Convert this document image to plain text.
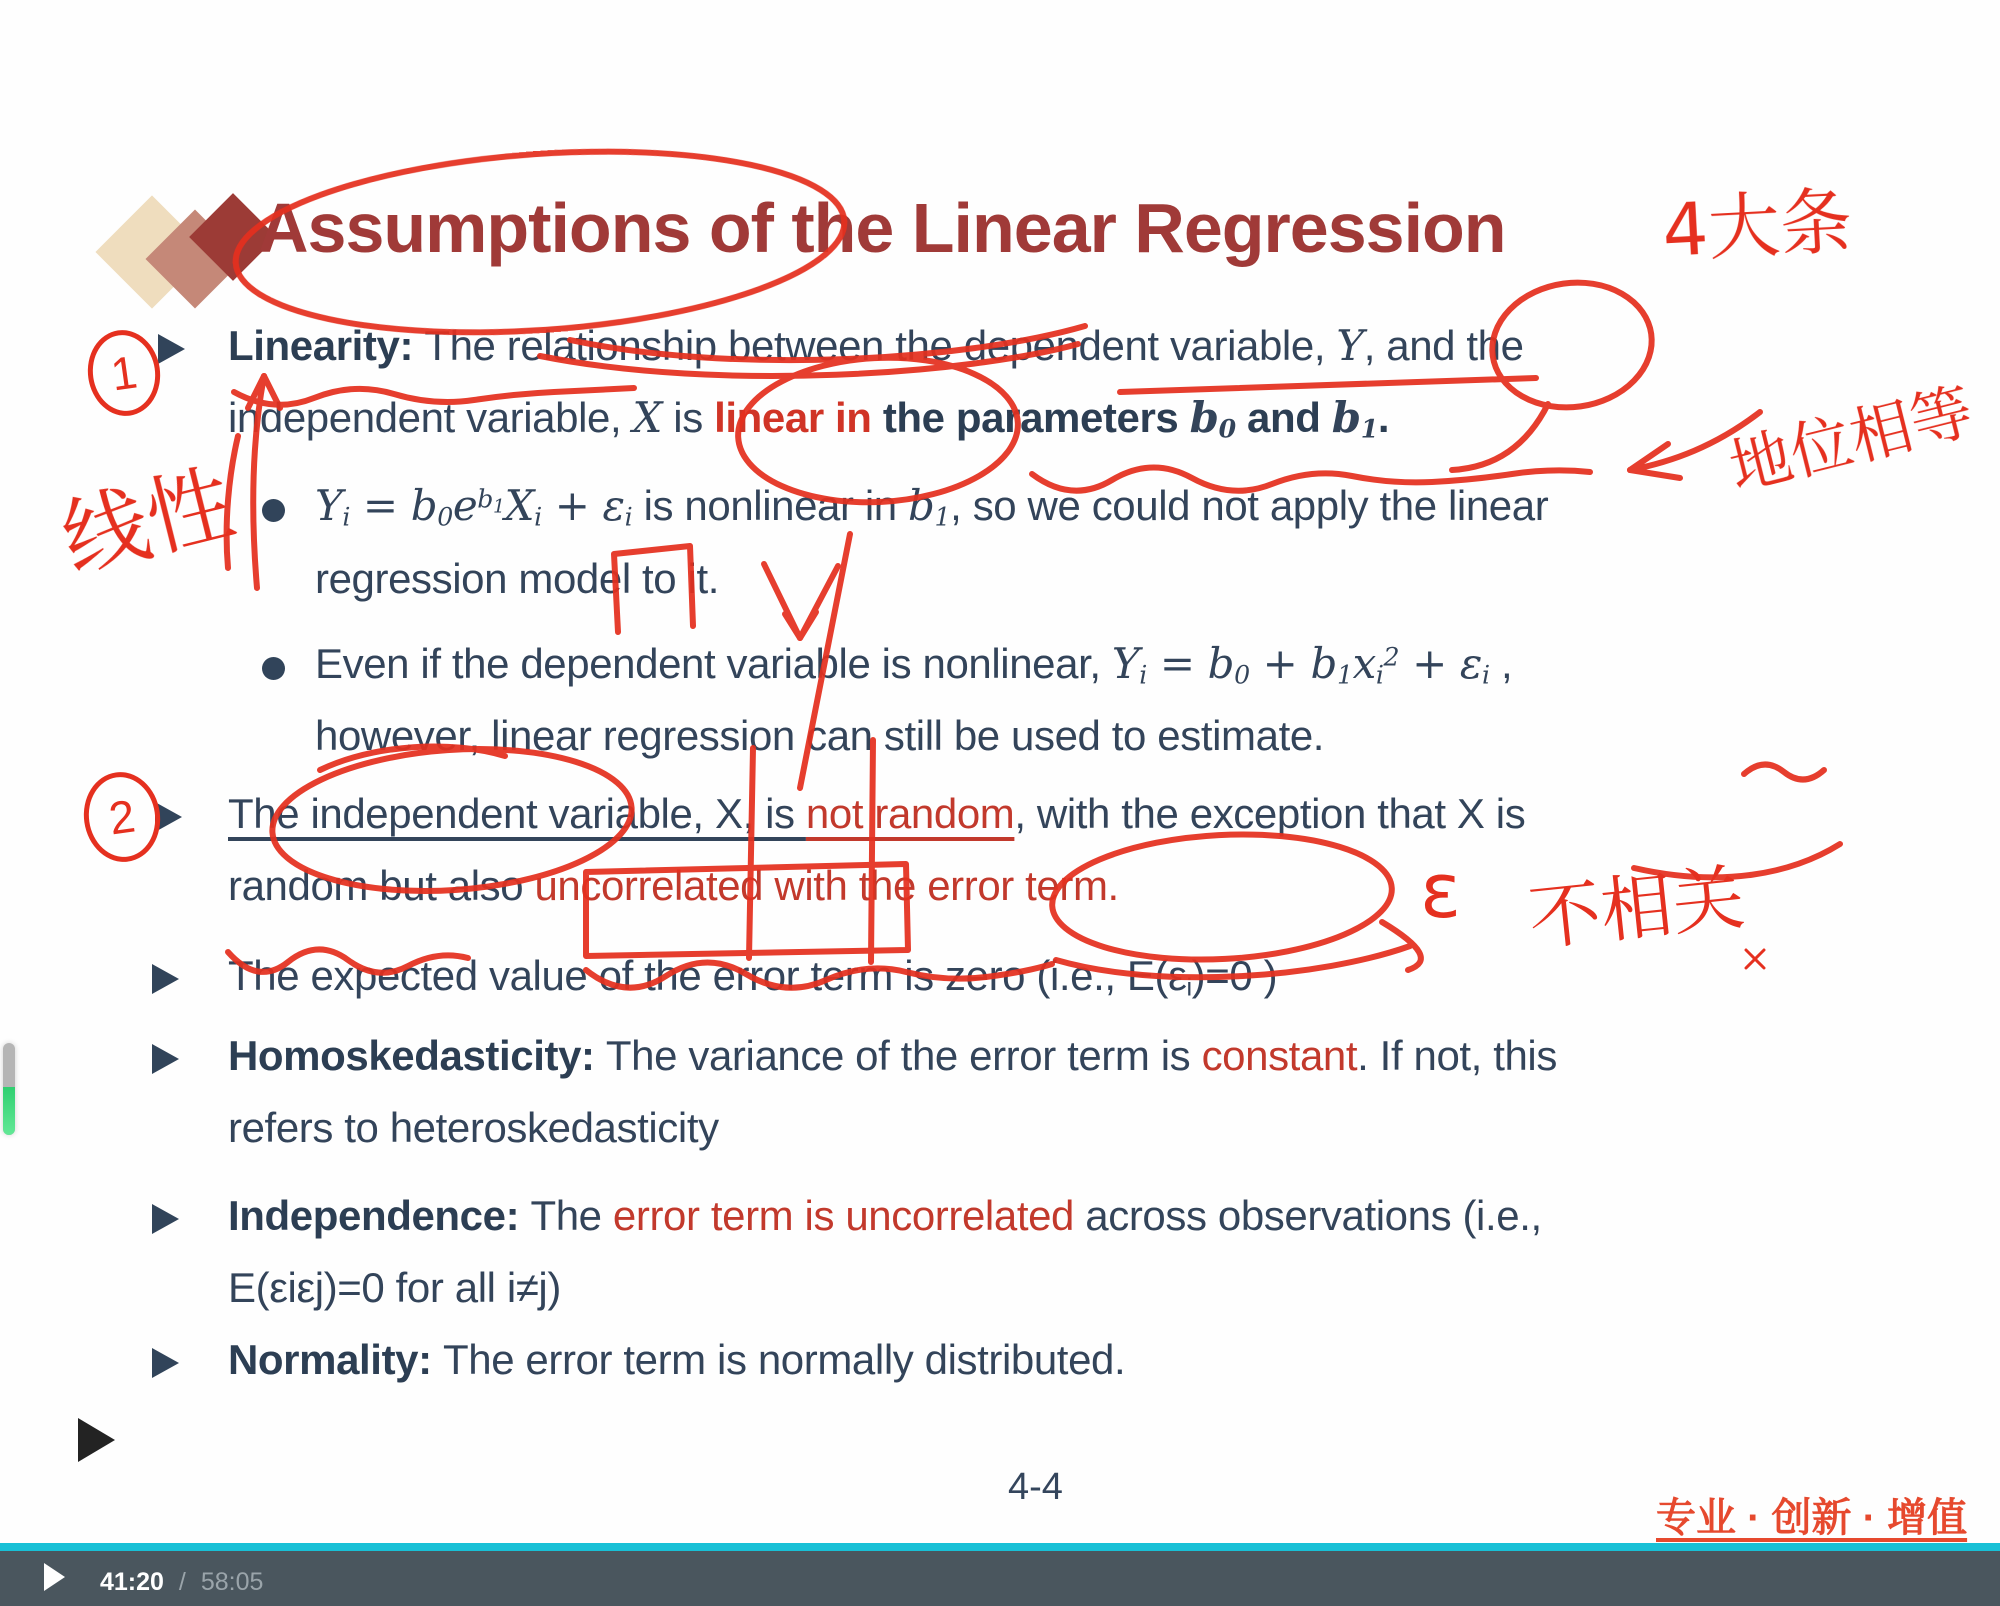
Assumptions of the Linear Regression
Linearity: The relationship between the dependent variable, Y, and the
independent variable, X is linear in the parameters $b_0$ and $b_1$.
$Y_i = b_0e^b1X_i + \varepsilon_i$ is nonlinear in $b_1$, so we could not apply the linear
regression model to it.
Even if the dependent variable is nonlinear, $Y_i = b_0 + b_1x_i^2 + \varepsilon_i$ ,
however, linear regression can still be used to estimate.
The independent variable, X, is not random, with the exception that X is
random but also uncorrelated with the error term.
The expected value of the error term is zero (i.e., $E(\varepsilon_i)=0$ )
Homoskedasticity: The variance of the error term is constant. If not, this
refers to heteroskedasticity
Independence: The error term is uncorrelated across observations (i.e.,
E(εiεj)=0 for all i≠j)
Normality: The error term is normally distributed.
1
2
4大条
线性
地位相等
ε 不相关
4-4
专业 · 创新 · 增值
41:20 / 58:05
